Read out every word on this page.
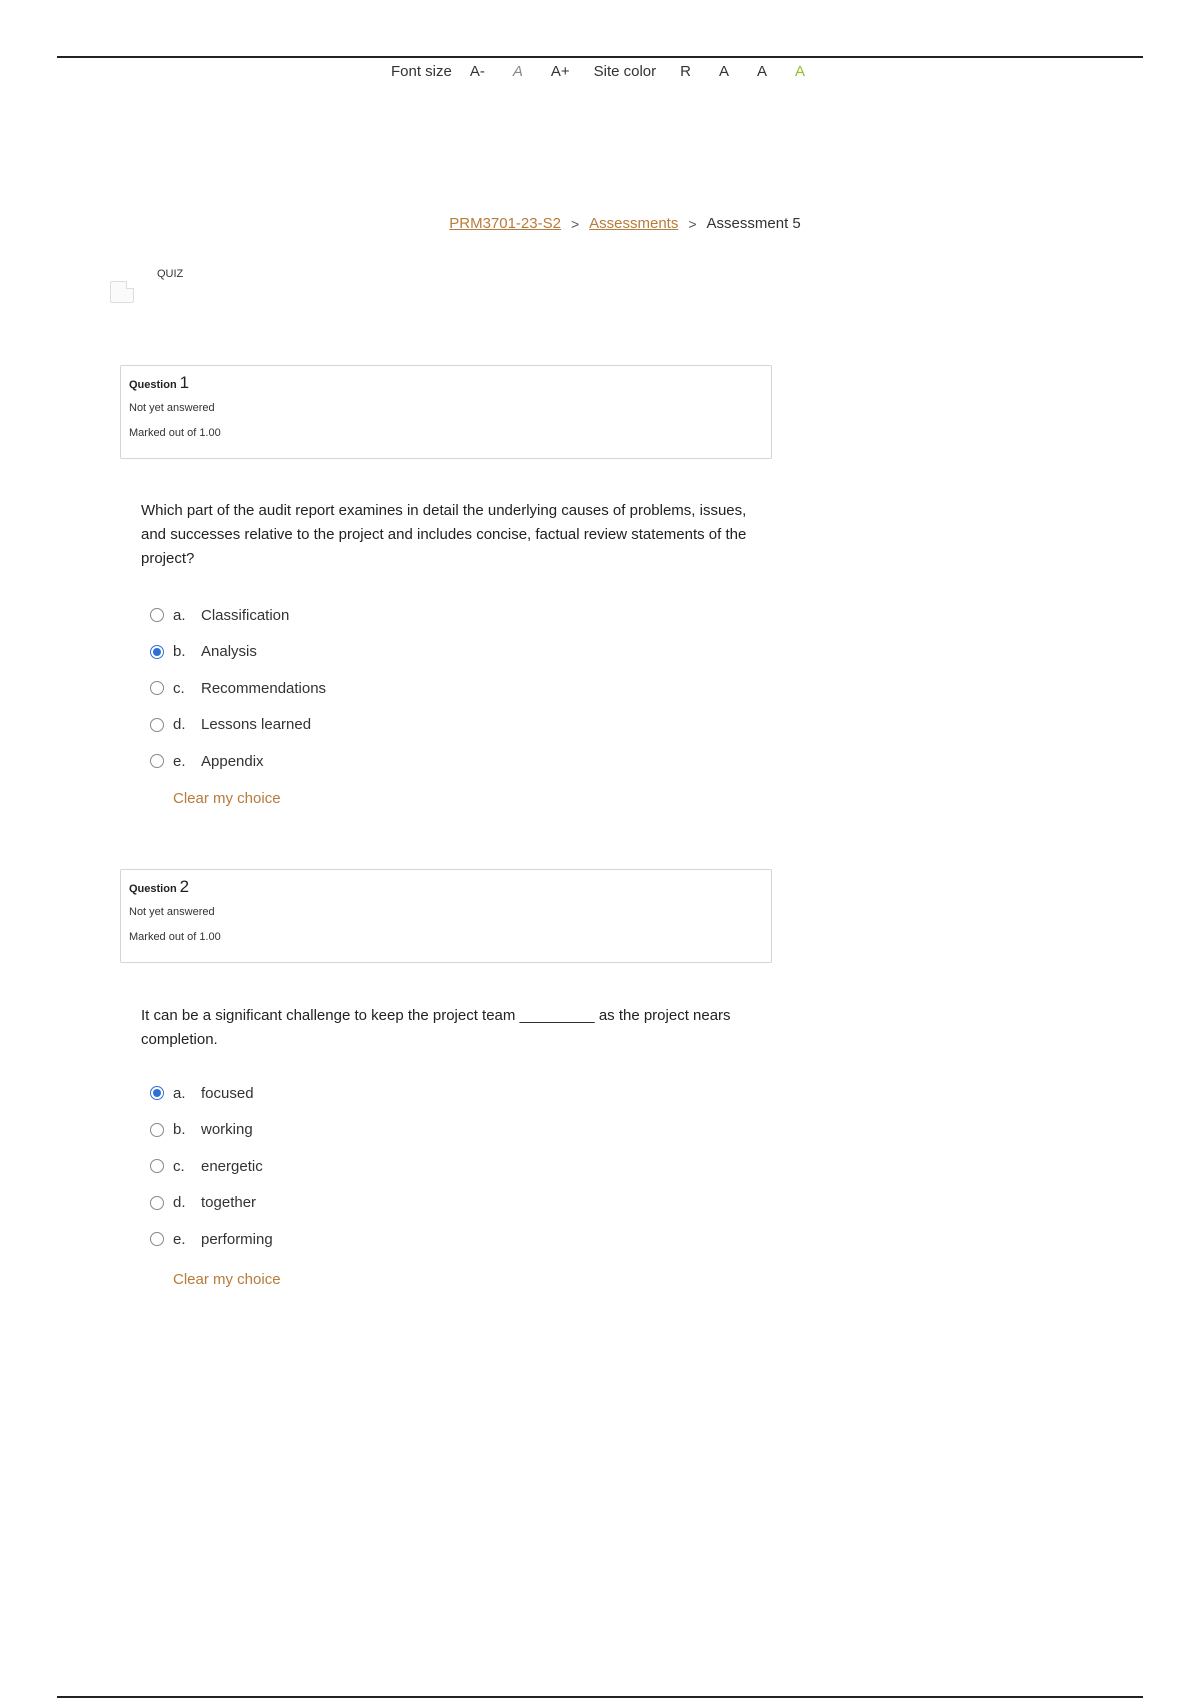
Font size A- A A+ Site color R A A A
PRM3701-23-S2 > Assessments > Assessment 5
QUIZ
Question 1
Not yet answered
Marked out of 1.00
Which part of the audit report examines in detail the underlying causes of problems, issues, and successes relative to the project and includes concise, factual review statements of the project?
a.	Classification
b.	Analysis
c.	Recommendations
d.	Lessons learned
e.	Appendix
Clear my choice
Question 2
Not yet answered
Marked out of 1.00
It can be a significant challenge to keep the project team _________ as the project nears completion.
a.	focused
b.	working
c.	energetic
d.	together
e.	performing
Clear my choice
